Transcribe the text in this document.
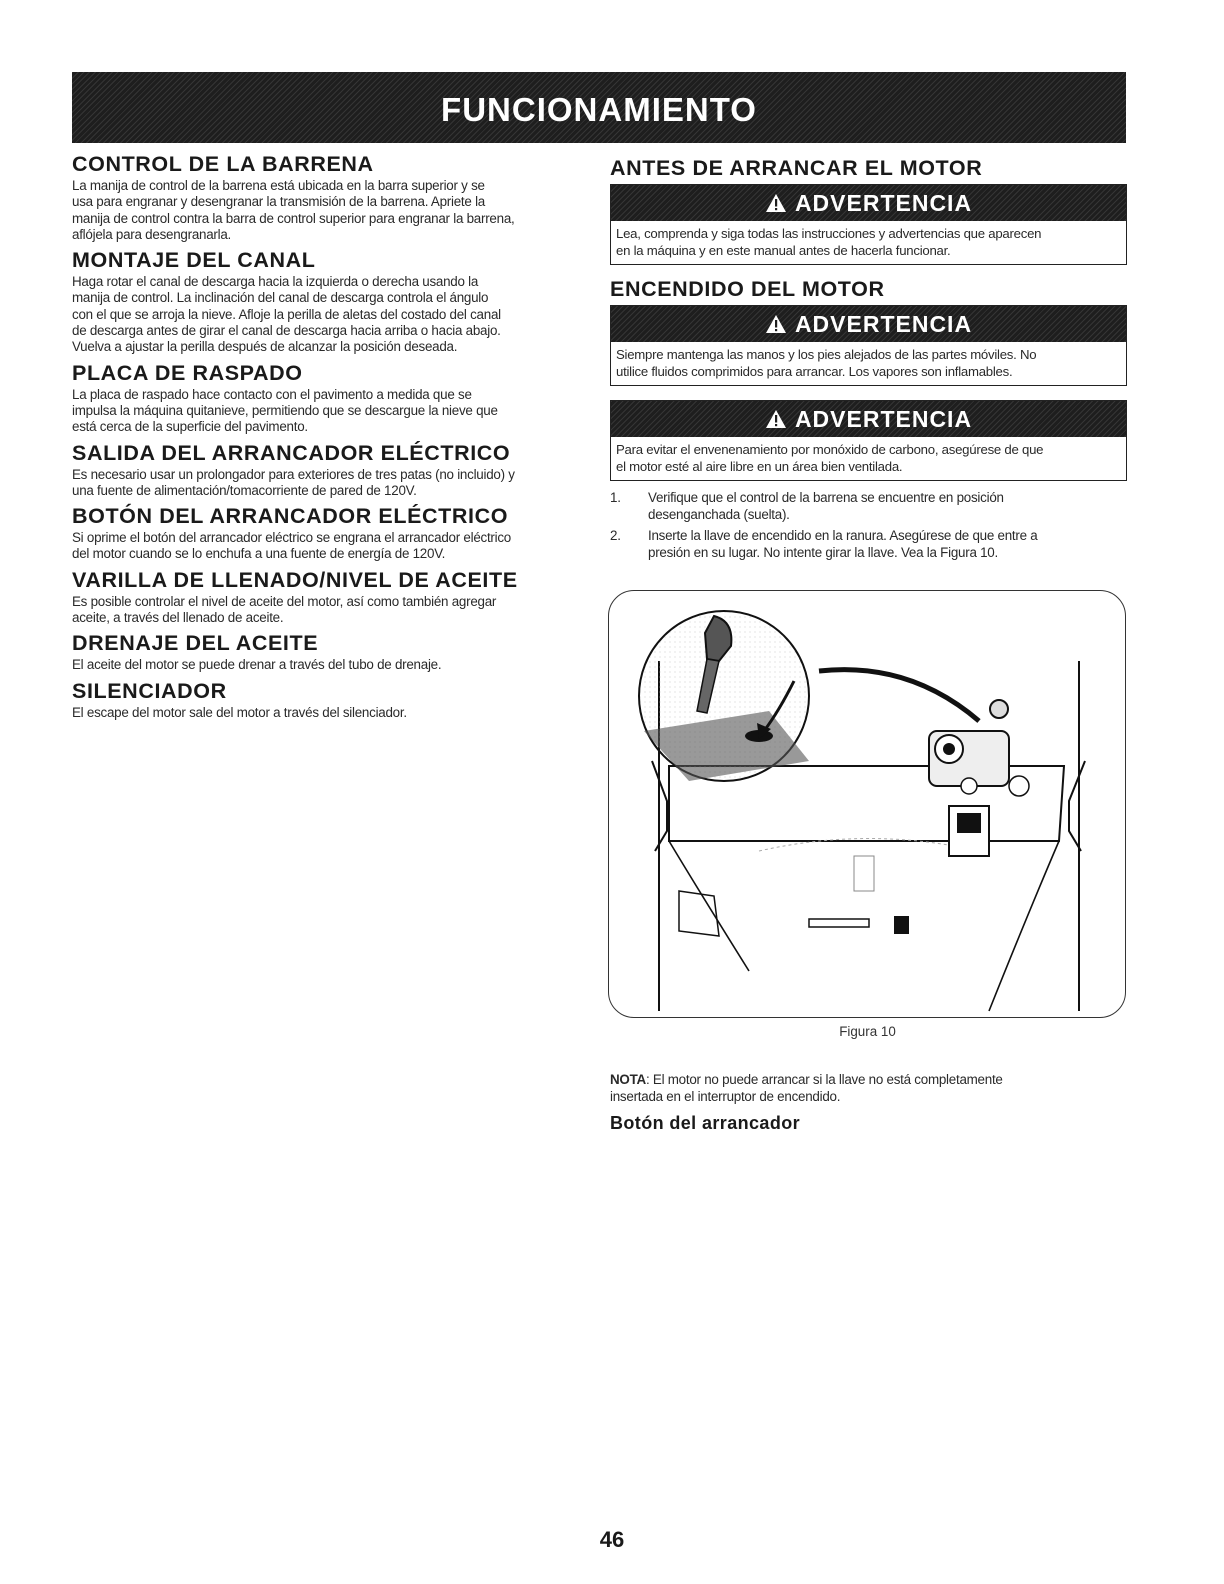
FUNCIONAMIENTO
CONTROL DE LA BARRENA
La manija de control de la barrena está ubicada en la barra superior y se
usa para engranar y desengranar la transmisión de la barrena. Apriete la
manija de control contra la barra de control superior para engranar la barrena,
aflójela para desengranarla.
MONTAJE DEL CANAL
Haga rotar el canal de descarga hacia la izquierda o derecha usando la
manija de control. La inclinación del canal de descarga controla el ángulo
con el que se arroja la nieve. Afloje la perilla de aletas del costado del canal
de descarga antes de girar el canal de descarga hacia arriba o hacia abajo.
Vuelva a ajustar la perilla después de alcanzar la posición deseada.
PLACA DE RASPADO
La placa de raspado hace contacto con el pavimento a medida que se
impulsa la máquina quitanieve, permitiendo que se descargue la nieve que
está cerca de la superficie del pavimento.
SALIDA DEL ARRANCADOR ELÉCTRICO
Es necesario usar un prolongador para exteriores de tres patas (no incluido) y
una fuente de alimentación/tomacorriente de pared de 120V.
BOTÓN DEL ARRANCADOR ELÉCTRICO
Si oprime el botón del arrancador eléctrico se engrana el arrancador eléctrico
del motor cuando se lo enchufa a una fuente de energía de 120V.
VARILLA DE LLENADO/NIVEL DE ACEITE
Es posible controlar el nivel de aceite del motor, así como también agregar
aceite, a través del llenado de aceite.
DRENAJE DEL ACEITE
El aceite del motor se puede drenar a través del tubo de drenaje.
SILENCIADOR
El escape del motor sale del motor a través del silenciador.
ANTES DE ARRANCAR EL MOTOR
ADVERTENCIA
Lea, comprenda y siga todas las instrucciones y advertencias que aparecen
en la máquina y en este manual antes de hacerla funcionar.
ENCENDIDO DEL MOTOR
ADVERTENCIA
Siempre mantenga las manos y los pies alejados de las partes móviles. No
utilice fluidos comprimidos para arrancar. Los vapores son inflamables.
ADVERTENCIA
Para evitar el envenenamiento por monóxido de carbono, asegúrese de que
el motor esté al aire libre en un área bien ventilada.
1. Verifique que el control de la barrena se encuentre en posición
desenganchada (suelta).
2. Inserte la llave de encendido en la ranura. Asegúrese de que entre a
presión en su lugar. No intente girar la llave. Vea la Figura 10.
Figura 10
NOTA: El motor no puede arrancar si la llave no está completamente
insertada en el interruptor de encendido.
Botón del arrancador
46
